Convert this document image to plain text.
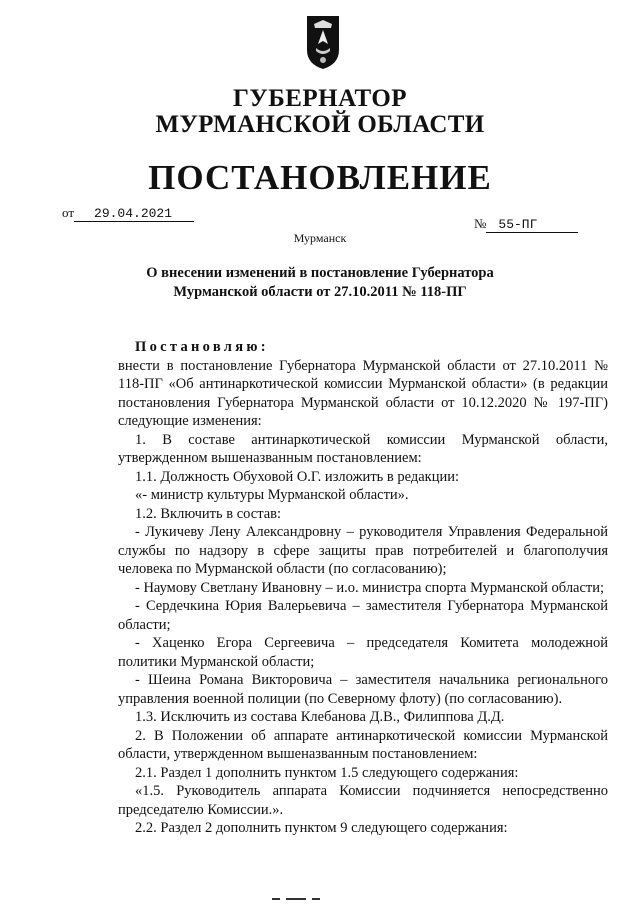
ГУБЕРНАТОР
МУРМАНСКОЙ ОБЛАСТИ
ПОСТАНОВЛЕНИЕ
от 29.04.2021
№ 55-ПГ
Мурманск
О внесении изменений в постановление Губернатора
Мурманской области от 27.10.2011 № 118-ПГ

Постановляю:

внести в постановление Губернатора Мурманской области от 27.10.2011 № 118-ПГ «Об антинаркотической комиссии Мурманской области» (в редакции постановления Губернатора Мурманской области от 10.12.2020 № 197-ПГ) следующие изменения:

1. В составе антинаркотической комиссии Мурманской области, утвержденном вышеназванным постановлением:

1.1. Должность Обуховой О.Г. изложить в редакции:

«- министр культуры Мурманской области».

1.2. Включить в состав:

- Лукичеву Лену Александровну – руководителя Управления Федеральной службы по надзору в сфере защиты прав потребителей и благополучия человека по Мурманской области (по согласованию);

- Наумову Светлану Ивановну – и.о. министра спорта Мурманской области;

- Сердечкина Юрия Валерьевича – заместителя Губернатора Мурманской области;

- Хаценко Егора Сергеевича – председателя Комитета молодежной политики Мурманской области;

- Шеина Романа Викторовича – заместителя начальника регионального управления военной полиции (по Северному флоту) (по согласованию).

1.3. Исключить из состава Клебанова Д.В., Филиппова Д.Д.

2. В Положении об аппарате антинаркотической комиссии Мурманской области, утвержденном вышеназванным постановлением:

2.1. Раздел 1 дополнить пунктом 1.5 следующего содержания:

«1.5. Руководитель аппарата Комиссии подчиняется непосредственно председателю Комиссии.».

2.2. Раздел 2 дополнить пунктом 9 следующего содержания:
